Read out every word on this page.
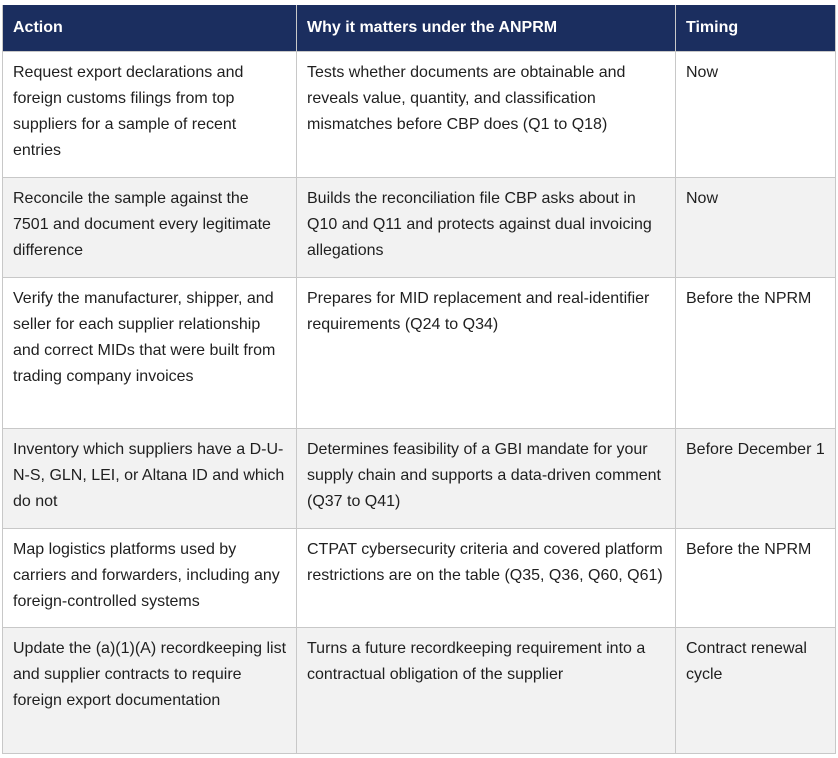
Action	Why it matters under the ANPRM	Timing
Request export declarations and foreign customs filings from top suppliers for a sample of recent entries	Tests whether documents are obtainable and reveals value, quantity, and classification mismatches before CBP does (Q1 to Q18)	Now
Reconcile the sample against the 7501 and document every legitimate difference	Builds the reconciliation file CBP asks about in Q10 and Q11 and protects against dual invoicing allegations	Now
Verify the manufacturer, shipper, and seller for each supplier relationship and correct MIDs that were built from trading company invoices	Prepares for MID replacement and real-identifier requirements (Q24 to Q34)	Before the NPRM
Inventory which suppliers have a D-U-N-S, GLN, LEI, or Altana ID and which do not	Determines feasibility of a GBI mandate for your supply chain and supports a data-driven comment (Q37 to Q41)	Before December 1
Map logistics platforms used by carriers and forwarders, including any foreign-controlled systems	CTPAT cybersecurity criteria and covered platform restrictions are on the table (Q35, Q36, Q60, Q61)	Before the NPRM
Update the (a)(1)(A) recordkeeping list and supplier contracts to require foreign export documentation	Turns a future recordkeeping requirement into a contractual obligation of the supplier	Contract renewal cycle
